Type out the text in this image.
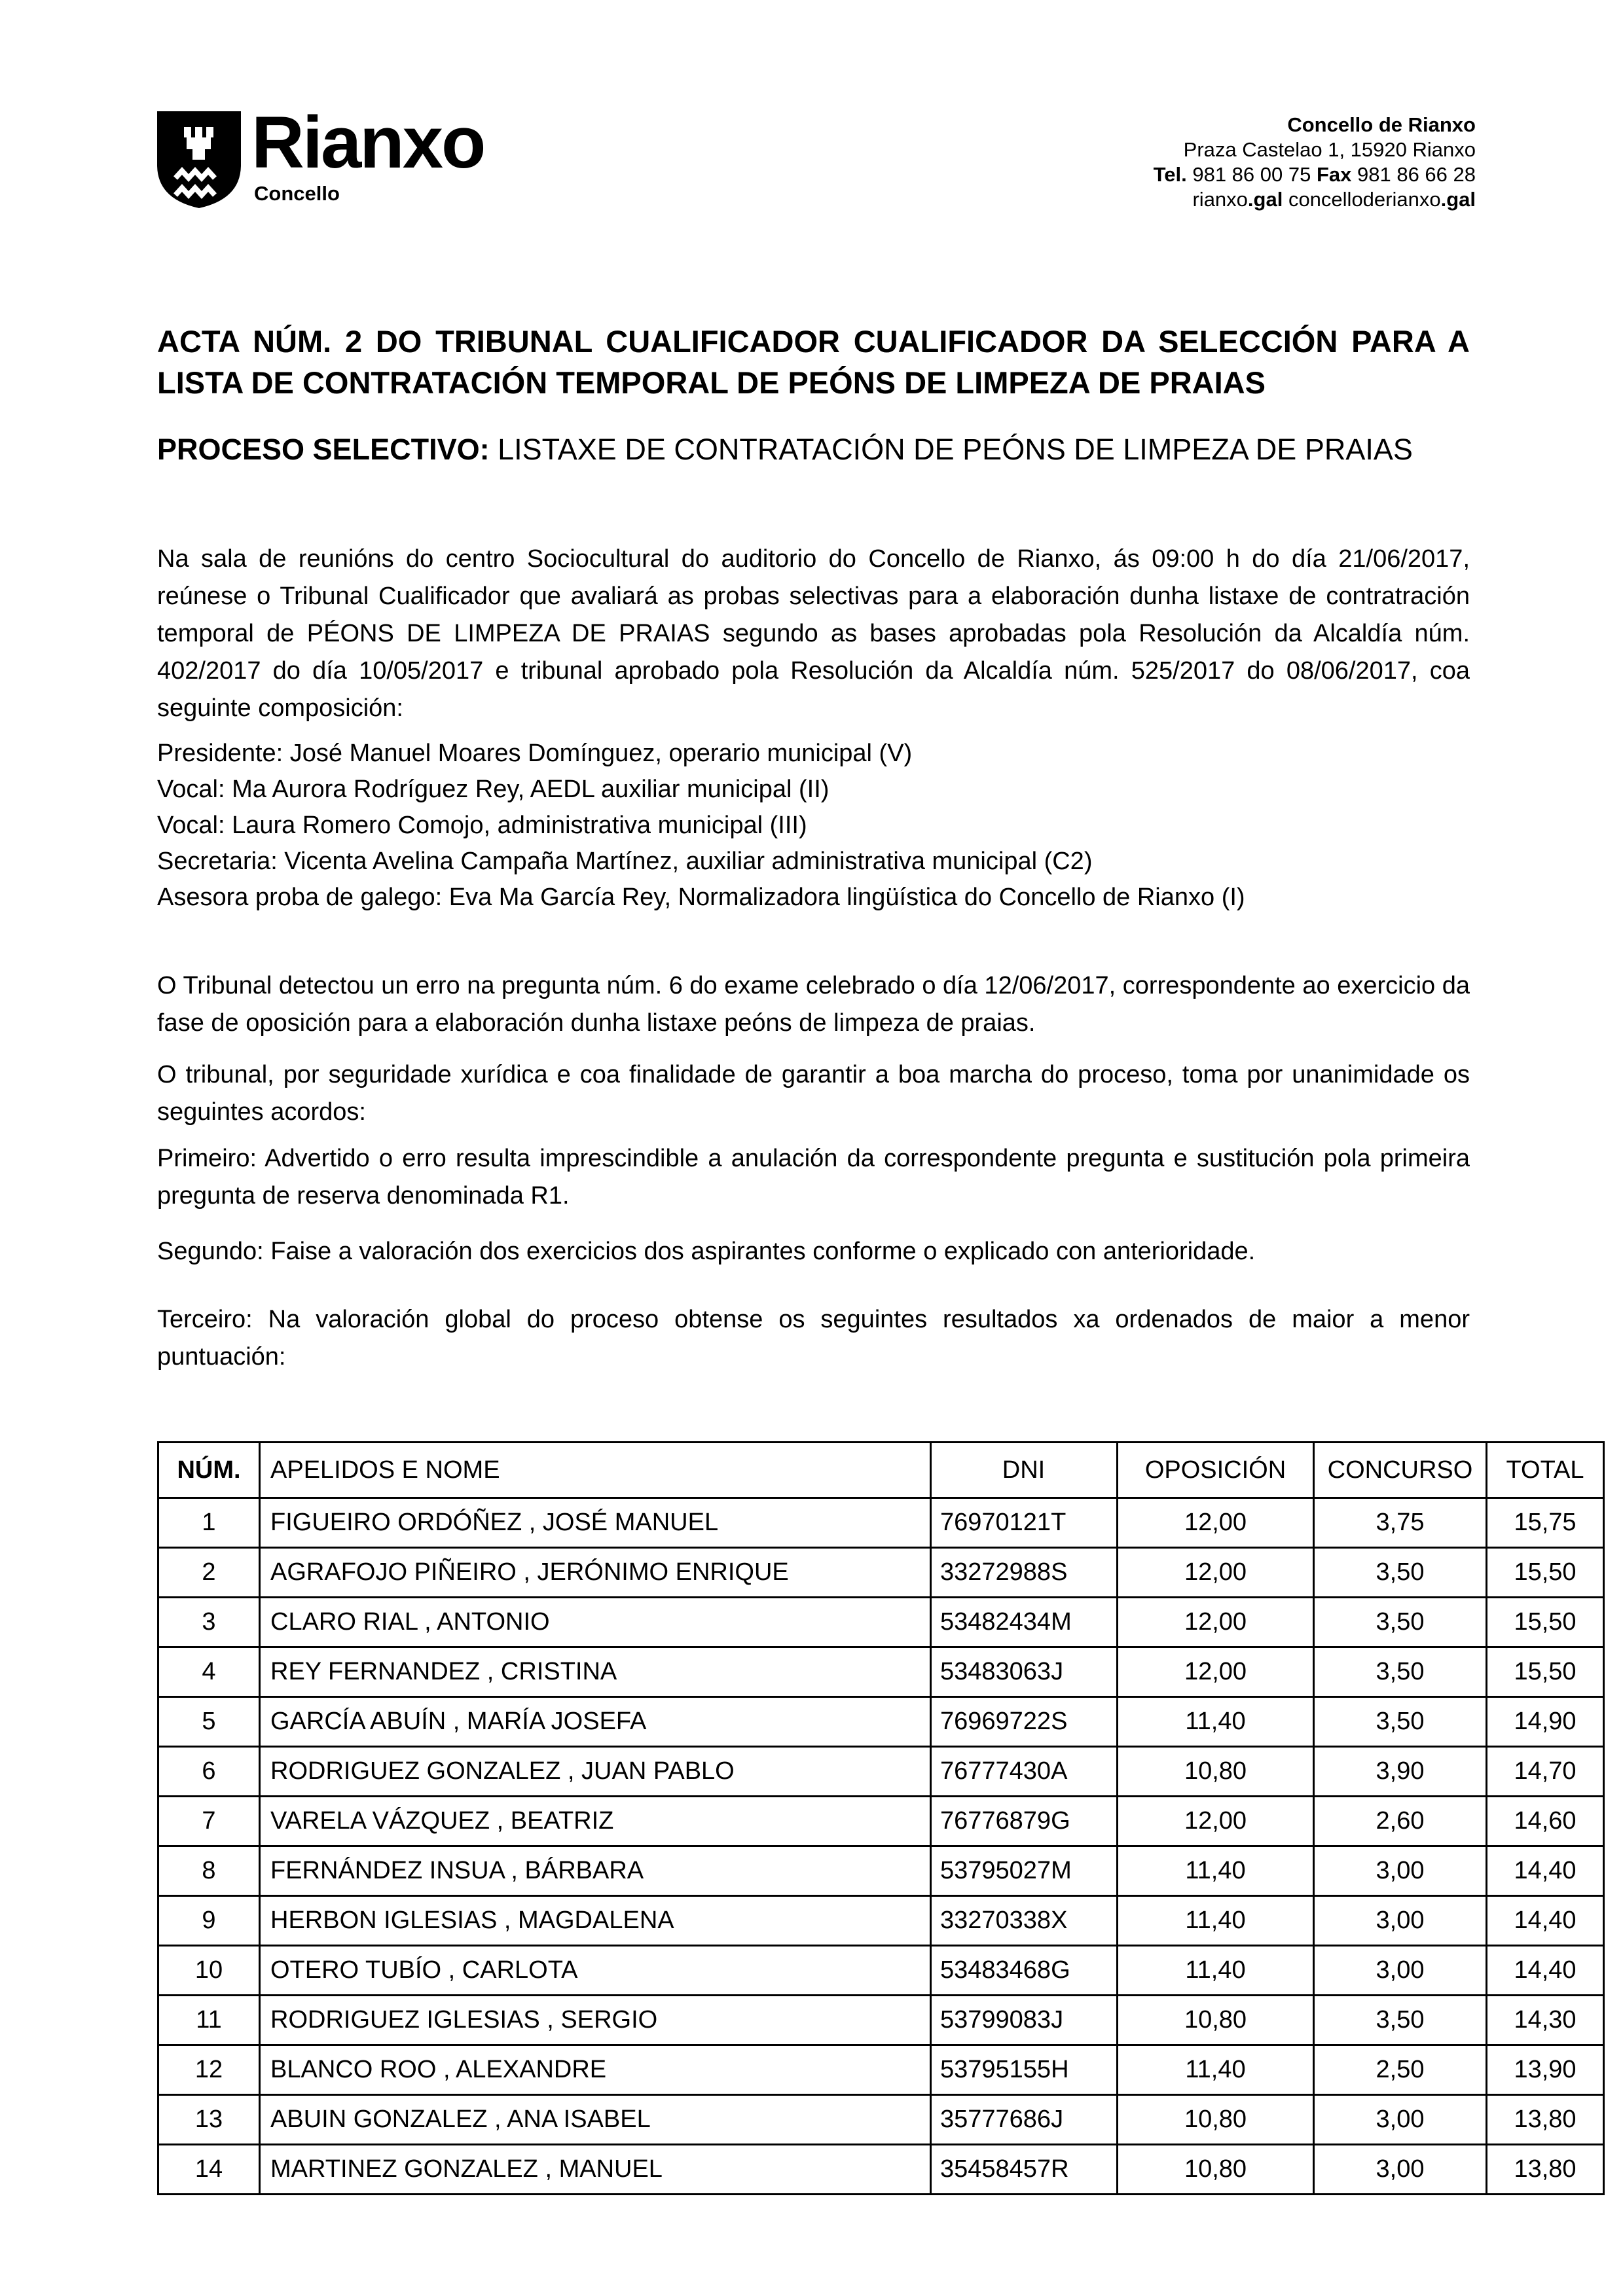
Rianxo
Concello
Concello de Rianxo
Praza Castelao 1, 15920 Rianxo
Tel. 981 86 00 75 Fax 981 86 66 28
rianxo.gal concelloderianxo.gal
ACTA NÚM. 2 DO TRIBUNAL CUALIFICADOR CUALIFICADOR DA SELECCIÓN PARA A LISTA DE CONTRATACIÓN TEMPORAL DE PEÓNS DE LIMPEZA DE PRAIAS
PROCESO SELECTIVO: LISTAXE DE CONTRATACIÓN DE PEÓNS DE LIMPEZA DE PRAIAS
Na sala de reunións do centro Sociocultural do auditorio do Concello de Rianxo, ás 09:00 h do día 21/06/2017, reúnese o Tribunal Cualificador que avaliará as probas selectivas para a elaboración dunha listaxe de contratración temporal de PÉONS DE LIMPEZA DE PRAIAS segundo as bases aprobadas pola Resolución da Alcaldía núm. 402/2017 do día 10/05/2017 e tribunal aprobado pola Resolución da Alcaldía núm. 525/2017 do 08/06/2017, coa seguinte composición:
Presidente: José Manuel Moares Domínguez, operario municipal (V)
Vocal: Ma Aurora Rodríguez Rey, AEDL auxiliar municipal (II)
Vocal: Laura Romero Comojo, administrativa municipal (III)
Secretaria: Vicenta Avelina Campaña Martínez, auxiliar administrativa municipal (C2)
Asesora proba de galego: Eva Ma García Rey, Normalizadora lingüística do Concello de Rianxo (I)
O Tribunal detectou un erro na pregunta núm. 6 do exame celebrado o día 12/06/2017, correspondente ao exercicio da fase de oposición para a elaboración dunha listaxe peóns de limpeza de praias.
O tribunal, por seguridade xurídica e coa finalidade de garantir a boa marcha do proceso, toma por unanimidade os seguintes acordos:
Primeiro: Advertido o erro resulta imprescindible a anulación da correspondente pregunta e sustitución pola primeira pregunta de reserva denominada R1.
Segundo: Faise a valoración dos exercicios dos aspirantes conforme o explicado con anterioridade.
Terceiro: Na valoración global do proceso obtense os seguintes resultados xa ordenados de maior a menor puntuación:
NÚM.	APELIDOS E NOME	DNI	OPOSICIÓN	CONCURSO	TOTAL
1	FIGUEIRO ORDÓÑEZ , JOSÉ MANUEL	76970121T	12,00	3,75	15,75
2	AGRAFOJO PIÑEIRO , JERÓNIMO ENRIQUE	33272988S	12,00	3,50	15,50
3	CLARO RIAL , ANTONIO	53482434M	12,00	3,50	15,50
4	REY FERNANDEZ , CRISTINA	53483063J	12,00	3,50	15,50
5	GARCÍA ABUÍN , MARÍA JOSEFA	76969722S	11,40	3,50	14,90
6	RODRIGUEZ GONZALEZ , JUAN PABLO	76777430A	10,80	3,90	14,70
7	VARELA VÁZQUEZ , BEATRIZ	76776879G	12,00	2,60	14,60
8	FERNÁNDEZ INSUA , BÁRBARA	53795027M	11,40	3,00	14,40
9	HERBON IGLESIAS , MAGDALENA	33270338X	11,40	3,00	14,40
10	OTERO TUBÍO , CARLOTA	53483468G	11,40	3,00	14,40
11	RODRIGUEZ IGLESIAS , SERGIO	53799083J	10,80	3,50	14,30
12	BLANCO ROO , ALEXANDRE	53795155H	11,40	2,50	13,90
13	ABUIN GONZALEZ , ANA ISABEL	35777686J	10,80	3,00	13,80
14	MARTINEZ GONZALEZ , MANUEL	35458457R	10,80	3,00	13,80
